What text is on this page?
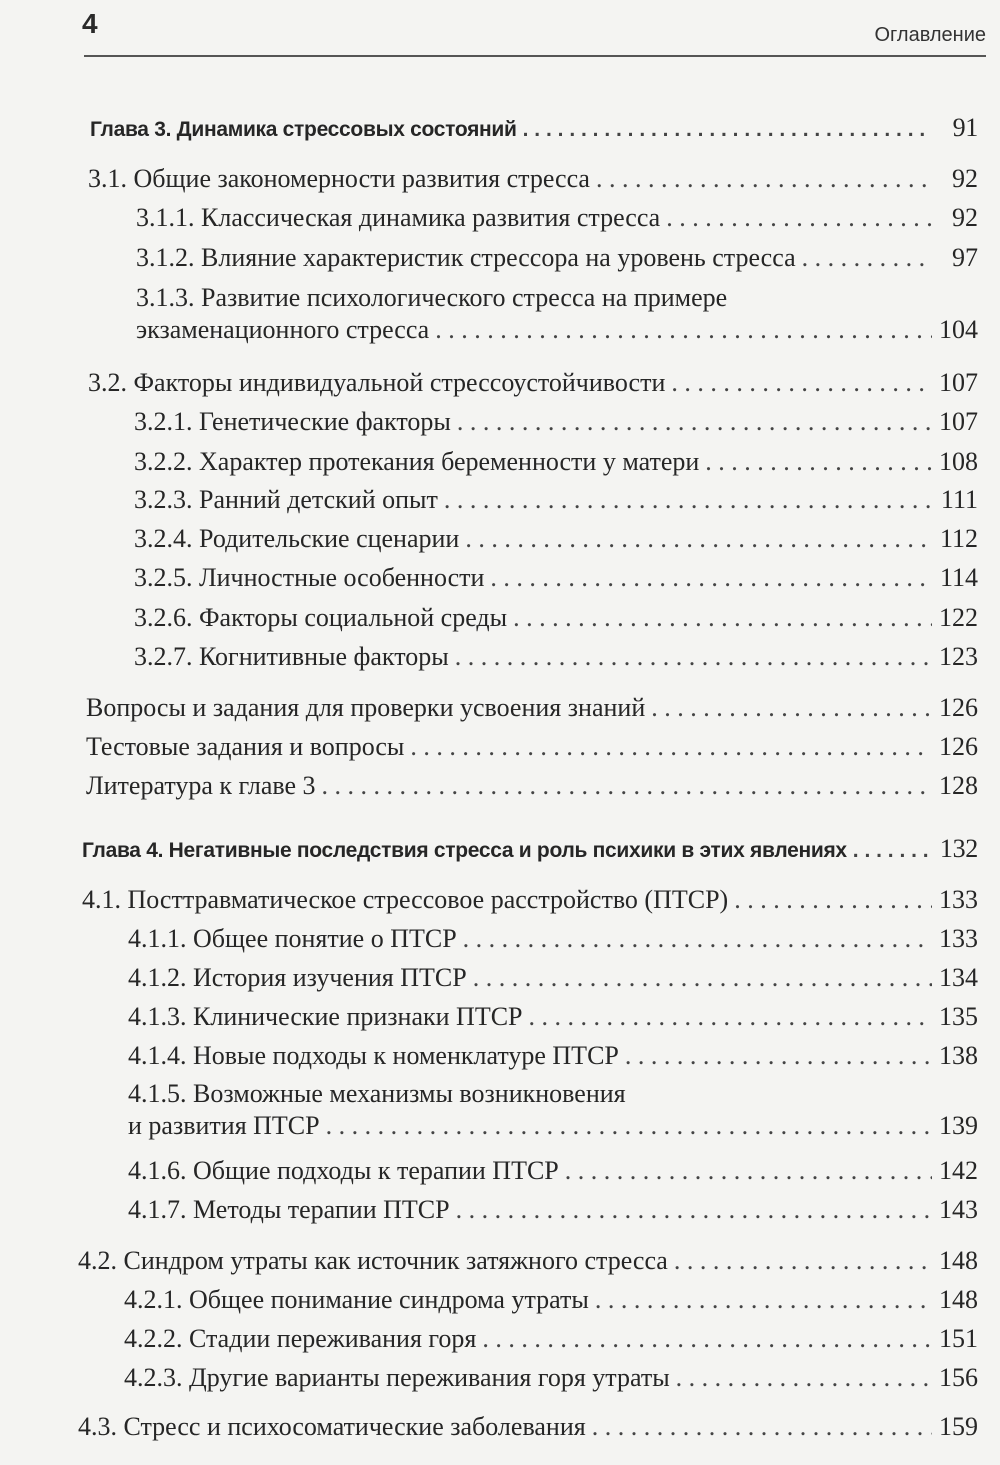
4	Оглавление
Глава 3. Динамика стрессовых состояний . . .	91
3.1. Общие закономерности развития стресса . . .	92
3.1.1. Классическая динамика развития стресса . . .	92
3.1.2. Влияние характеристик стрессора на уровень стресса . . .	97
3.1.3. Развитие психологического стресса на примере
экзаменационного стресса . . .	104
3.2. Факторы индивидуальной стрессоустойчивости . . .	107
3.2.1. Генетические факторы . . .	107
3.2.2. Характер протекания беременности у матери . . .	108
3.2.3. Ранний детский опыт . . .	111
3.2.4. Родительские сценарии . . .	112
3.2.5. Личностные особенности . . .	114
3.2.6. Факторы социальной среды . . .	122
3.2.7. Когнитивные факторы . . .	123
Вопросы и задания для проверки усвоения знаний . . .	126
Тестовые задания и вопросы . . .	126
Литература к главе 3 . . .	128
Глава 4. Негативные последствия стресса и роль психики в этих явлениях . . .	132
4.1. Посттравматическое стрессовое расстройство (ПТСР) . . .	133
4.1.1. Общее понятие о ПТСР . . .	133
4.1.2. История изучения ПТСР . . .	134
4.1.3. Клинические признаки ПТСР . . .	135
4.1.4. Новые подходы к номенклатуре ПТСР . . .	138
4.1.5. Возможные механизмы возникновения
и развития ПТСР . . .	139
4.1.6. Общие подходы к терапии ПТСР . . .	142
4.1.7. Методы терапии ПТСР . . .	143
4.2. Синдром утраты как источник затяжного стресса . . .	148
4.2.1. Общее понимание синдрома утраты . . .	148
4.2.2. Стадии переживания горя . . .	151
4.2.3. Другие варианты переживания горя утраты . . .	156
4.3. Стресс и психосоматические заболевания . . .	159
